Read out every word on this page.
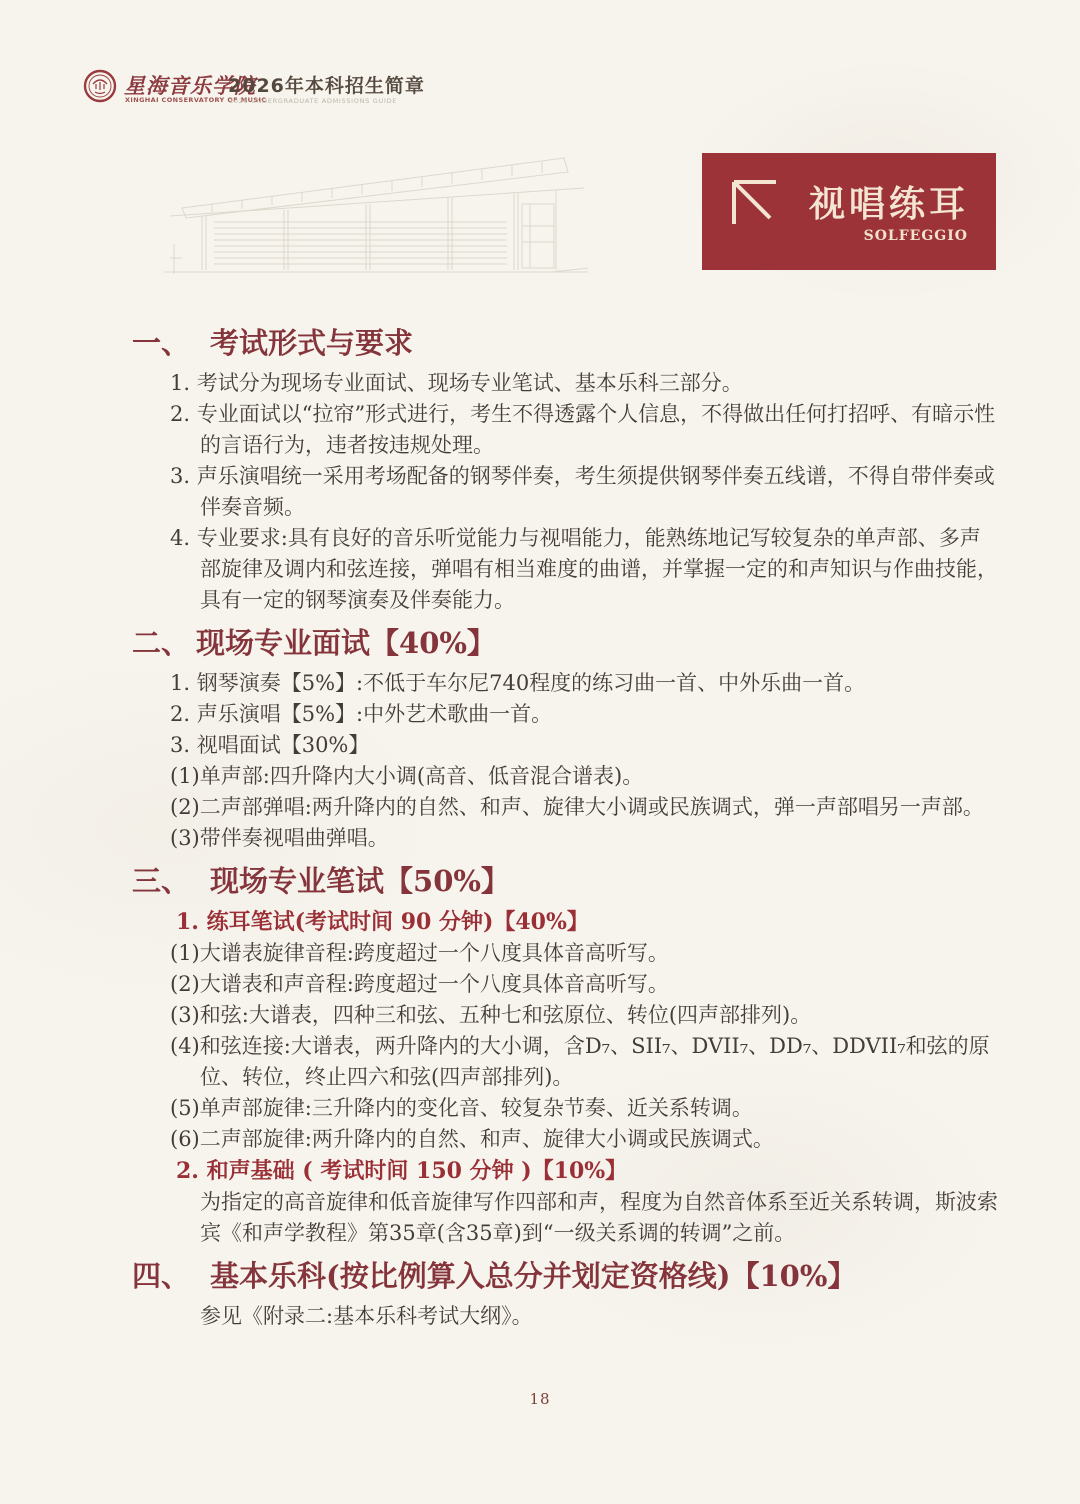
星海音乐学院
XINGHAI CONSERVATORY OF MUSIC
2026年本科招生简章
2026 UNDERGRADUATE ADMISSIONS GUIDE
视唱练耳
SOLFEGGIO
一、 考试形式与要求
1. 考试分为现场专业面试、现场专业笔试、基本乐科三部分。
2. 专业面试以“拉帘”形式进行，考生不得透露个人信息，不得做出任何打招呼、有暗示性的言语行为，违者按违规处理。
3. 声乐演唱统一采用考场配备的钢琴伴奏，考生须提供钢琴伴奏五线谱，不得自带伴奏或伴奏音频。
4. 专业要求:具有良好的音乐听觉能力与视唱能力，能熟练地记写较复杂的单声部、多声部旋律及调内和弦连接，弹唱有相当难度的曲谱，并掌握一定的和声知识与作曲技能，具有一定的钢琴演奏及伴奏能力。
二、 现场专业面试【40%】
1. 钢琴演奏【5%】:不低于车尔尼740程度的练习曲一首、中外乐曲一首。
2. 声乐演唱【5%】:中外艺术歌曲一首。
3. 视唱面试【30%】
(1)单声部:四升降内大小调(高音、低音混合谱表)。
(2)二声部弹唱:两升降内的自然、和声、旋律大小调或民族调式，弹一声部唱另一声部。
(3)带伴奏视唱曲弹唱。
三、 现场专业笔试【50%】
1. 练耳笔试(考试时间 90 分钟)【40%】
(1)大谱表旋律音程:跨度超过一个八度具体音高听写。
(2)大谱表和声音程:跨度超过一个八度具体音高听写。
(3)和弦:大谱表，四种三和弦、五种七和弦原位、转位(四声部排列)。
(4)和弦连接:大谱表，两升降内的大小调，含D₇、SII₇、DVII₇、DD₇、DDVII₇和弦的原位、转位，终止四六和弦(四声部排列)。
(5)单声部旋律:三升降内的变化音、较复杂节奏、近关系转调。
(6)二声部旋律:两升降内的自然、和声、旋律大小调或民族调式。
2. 和声基础 ( 考试时间 150 分钟 )【10%】
为指定的高音旋律和低音旋律写作四部和声，程度为自然音体系至近关系转调，斯波索宾《和声学教程》第35章(含35章)到“一级关系调的转调”之前。
四、 基本乐科(按比例算入总分并划定资格线)【10%】
参见《附录二:基本乐科考试大纲》。
18
